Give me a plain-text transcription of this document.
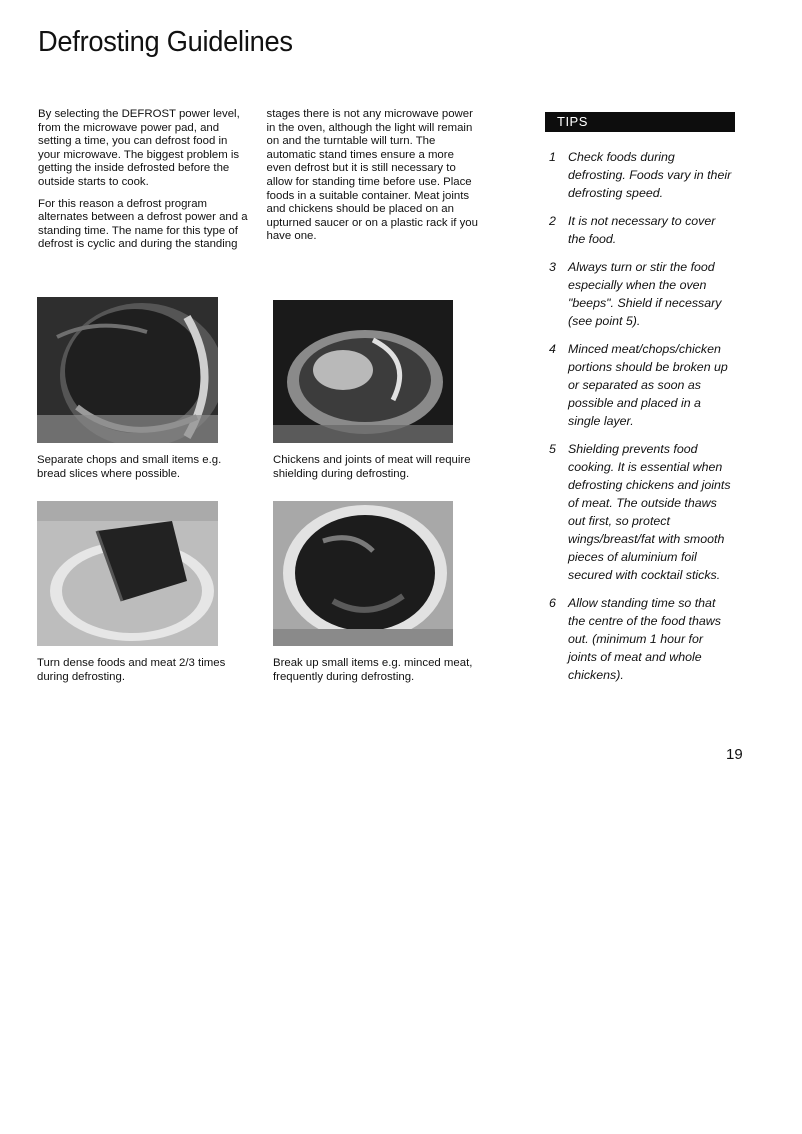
Defrosting Guidelines

By selecting the DEFROST power level, from the microwave power pad, and setting a time, you can defrost food in your microwave. The biggest problem is getting the inside defrosted before the outside starts to cook.

For this reason a defrost program alternates between a defrost power and a standing time. The name for this type of defrost is cyclic and during the standing stages there is not any microwave power in the oven, although the light will remain on and the turntable will turn. The automatic stand times ensure a more even defrost but it is still necessary to allow for standing time before use. Place foods in a suitable container. Meat joints and chickens should be placed on an upturned saucer or on a plastic rack if you have one.

Separate chops and small items e.g. bread slices where possible.
Chickens and joints of meat will require shielding during defrosting.
Turn dense foods and meat 2/3 times during defrosting.
Break up small items e.g. minced meat, frequently during defrosting.
TIPS
1 Check foods during defrosting. Foods vary in their defrosting speed.
2 It is not necessary to cover the food.
3 Always turn or stir the food especially when the oven "beeps". Shield if necessary (see point 5).
4 Minced meat/chops/chicken portions should be broken up or separated as soon as possible and placed in a single layer.
5 Shielding prevents food cooking. It is essential when defrosting chickens and joints of meat. The outside thaws out first, so protect wings/breast/fat with smooth pieces of aluminium foil secured with cocktail sticks.
6 Allow standing time so that the centre of the food thaws out. (minimum 1 hour for joints of meat and whole chickens).
19
